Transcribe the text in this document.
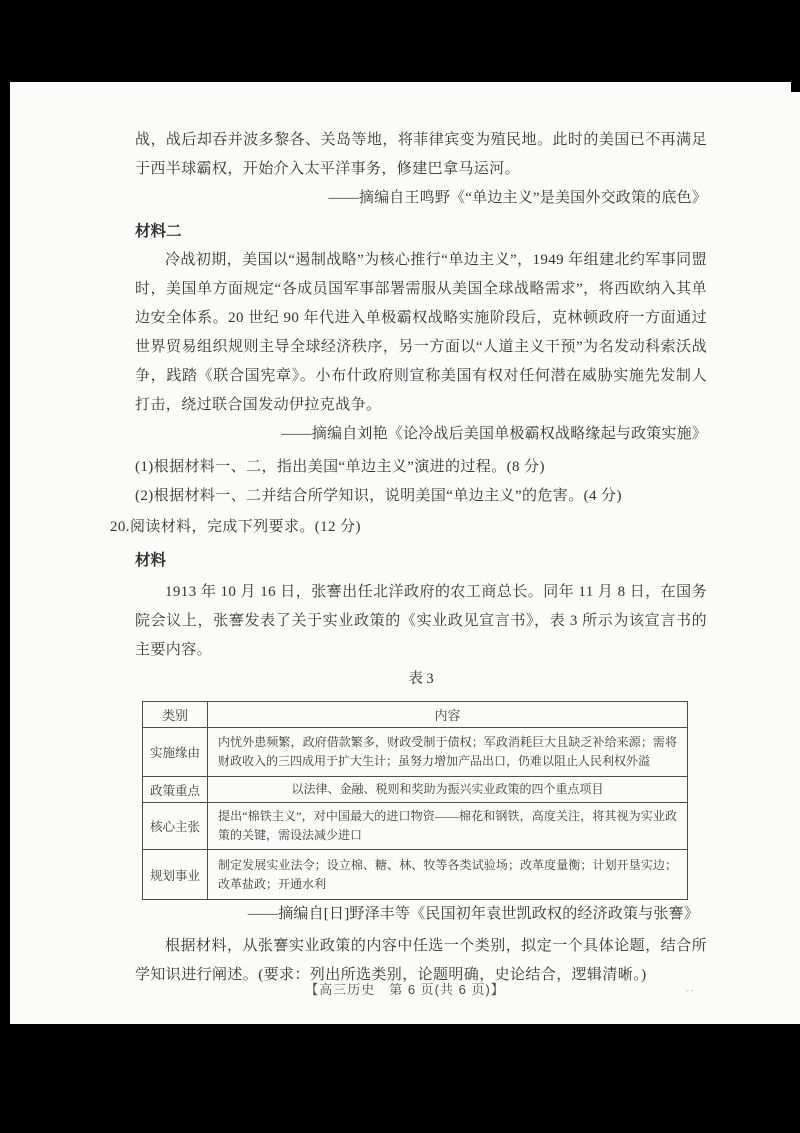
战，战后却吞并波多黎各、关岛等地，将菲律宾变为殖民地。此时的美国已不再满足于西半球霸权，开始介入太平洋事务，修建巴拿马运河。

——摘编自王鸣野《“单边主义”是美国外交政策的底色》

材料二

冷战初期，美国以“遏制战略”为核心推行“单边主义”，1949 年组建北约军事同盟时，美国单方面规定“各成员国军事部署需服从美国全球战略需求”，将西欧纳入其单边安全体系。20 世纪 90 年代进入单极霸权战略实施阶段后，克林顿政府一方面通过世界贸易组织规则主导全球经济秩序，另一方面以“人道主义干预”为名发动科索沃战争，践踏《联合国宪章》。小布什政府则宣称美国有权对任何潜在威胁实施先发制人打击，绕过联合国发动伊拉克战争。

——摘编自刘艳《论冷战后美国单极霸权战略缘起与政策实施》

(1)根据材料一、二，指出美国“单边主义”演进的过程。(8 分)

(2)根据材料一、二并结合所学知识，说明美国“单边主义”的危害。(4 分)

20.阅读材料，完成下列要求。(12 分)

材料

1913 年 10 月 16 日，张謇出任北洋政府的农工商总长。同年 11 月 8 日，在国务院会议上，张謇发表了关于实业政策的《实业政见宣言书》，表 3 所示为该宣言书的主要内容。

表 3
类别	内容
实施缘由	内忧外患频繁，政府借款繁多，财政受制于债权；军政消耗巨大且缺乏补给来源；需将财政收入的三四成用于扩大生计；虽努力增加产品出口，仍难以阻止人民利权外溢
政策重点	以法律、金融、税则和奖助为振兴实业政策的四个重点项目
核心主张	提出“棉铁主义”，对中国最大的进口物资——棉花和钢铁，高度关注，将其视为实业政策的关键，需设法减少进口
规划事业	制定发展实业法令；设立棉、糖、林、牧等各类试验场；改革度量衡；计划开垦实边；改革盐政；开通水利

——摘编自[日]野泽丰等《民国初年袁世凯政权的经济政策与张謇》

根据材料，从张謇实业政策的内容中任选一个类别，拟定一个具体论题，结合所学知识进行阐述。(要求：列出所选类别，论题明确，史论结合，逻辑清晰。)

【高三历史　第 6 页(共 6 页)】	--
